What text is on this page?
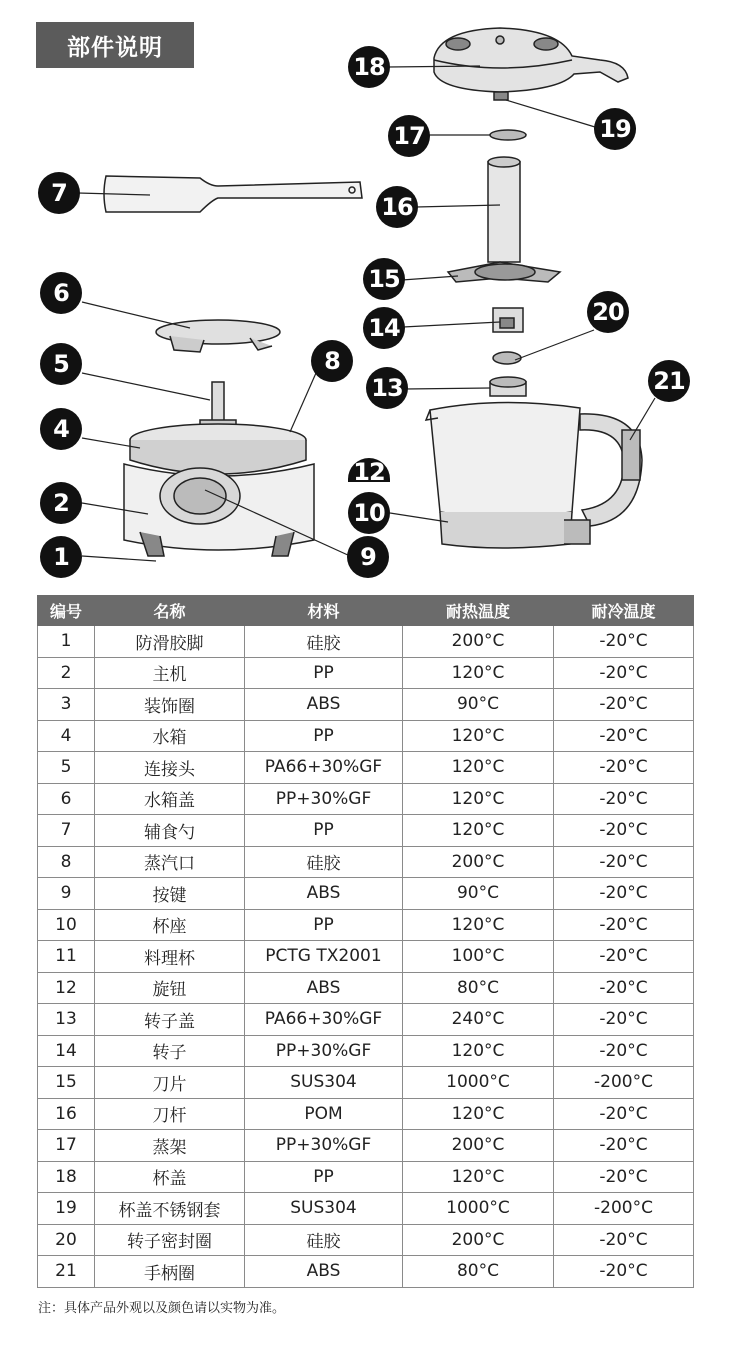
部件说明
1
2
4
5
6
7
8
9
10
12
13
14
15
16
17
18
19
20
21
编号	名称	材料	耐热温度	耐冷温度
1	防滑胶脚	硅胶	200°C	-20°C
2	主机	PP	120°C	-20°C
3	装饰圈	ABS	90°C	-20°C
4	水箱	PP	120°C	-20°C
5	连接头	PA66+30%GF	120°C	-20°C
6	水箱盖	PP+30%GF	120°C	-20°C
7	辅食勺	PP	120°C	-20°C
8	蒸汽口	硅胶	200°C	-20°C
9	按键	ABS	90°C	-20°C
10	杯座	PP	120°C	-20°C
11	料理杯	PCTG TX2001	100°C	-20°C
12	旋钮	ABS	80°C	-20°C
13	转子盖	PA66+30%GF	240°C	-20°C
14	转子	PP+30%GF	120°C	-20°C
15	刀片	SUS304	1000°C	-200°C
16	刀杆	POM	120°C	-20°C
17	蒸架	PP+30%GF	200°C	-20°C
18	杯盖	PP	120°C	-20°C
19	杯盖不锈钢套	SUS304	1000°C	-200°C
20	转子密封圈	硅胶	200°C	-20°C
21	手柄圈	ABS	80°C	-20°C
注：具体产品外观以及颜色请以实物为准。
